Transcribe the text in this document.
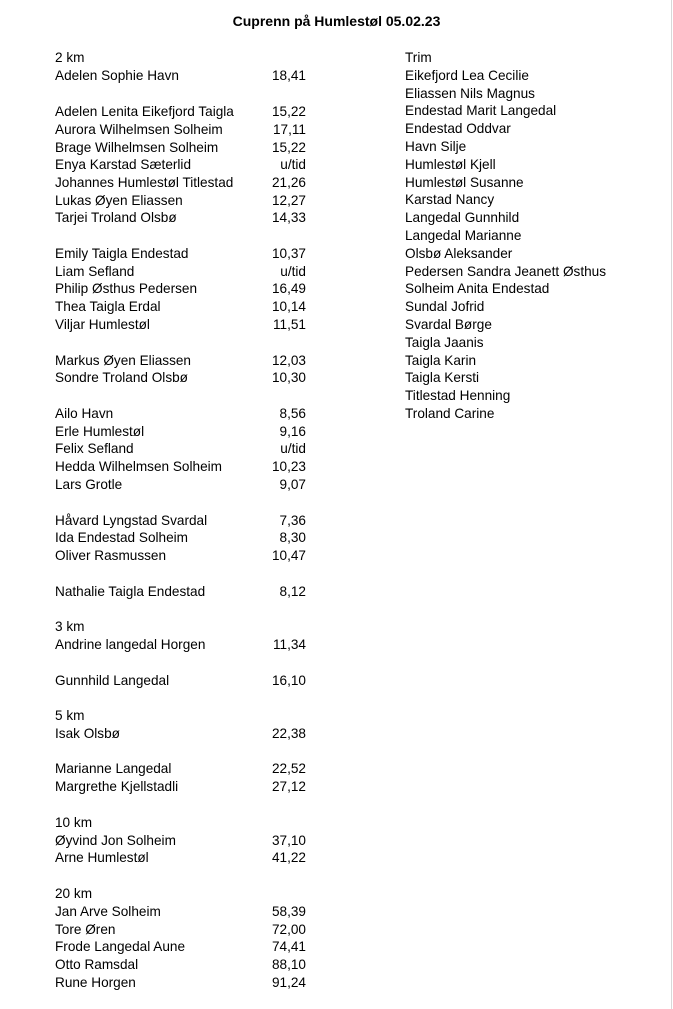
Cuprenn på Humlestøl 05.02.23
2 km
Adelen Sophie Havn	18,41
Adelen Lenita Eikefjord Taigla	15,22
Aurora Wilhelmsen Solheim	17,11
Brage Wilhelmsen Solheim	15,22
Enya Karstad Sæterlid	u/tid
Johannes Humlestøl Titlestad	21,26
Lukas Øyen Eliassen	12,27
Tarjei Troland Olsbø	14,33
Emily Taigla Endestad	10,37
Liam Sefland	u/tid
Philip Østhus Pedersen	16,49
Thea Taigla Erdal	10,14
Viljar Humlestøl	11,51
Markus Øyen Eliassen	12,03
Sondre Troland Olsbø	10,30
Ailo Havn	8,56
Erle Humlestøl	9,16
Felix Sefland	u/tid
Hedda Wilhelmsen Solheim	10,23
Lars Grotle	9,07
Håvard Lyngstad Svardal	7,36
Ida Endestad Solheim	8,30
Oliver Rasmussen	10,47
Nathalie Taigla Endestad	8,12
3 km
Andrine langedal Horgen	11,34
Gunnhild Langedal	16,10
5 km
Isak Olsbø	22,38
Marianne Langedal	22,52
Margrethe Kjellstadli	27,12
10 km
Øyvind Jon Solheim	37,10
Arne Humlestøl	41,22
20 km
Jan Arve Solheim	58,39
Tore Øren	72,00
Frode Langedal Aune	74,41
Otto Ramsdal	88,10
Rune Horgen	91,24
Trim
Eikefjord Lea Cecilie
Eliassen Nils Magnus
Endestad Marit Langedal
Endestad Oddvar
Havn Silje
Humlestøl Kjell
Humlestøl Susanne
Karstad Nancy
Langedal Gunnhild
Langedal Marianne
Olsbø Aleksander
Pedersen Sandra Jeanett Østhus
Solheim Anita Endestad
Sundal Jofrid
Svardal Børge
Taigla Jaanis
Taigla Karin
Taigla Kersti
Titlestad Henning
Troland Carine
